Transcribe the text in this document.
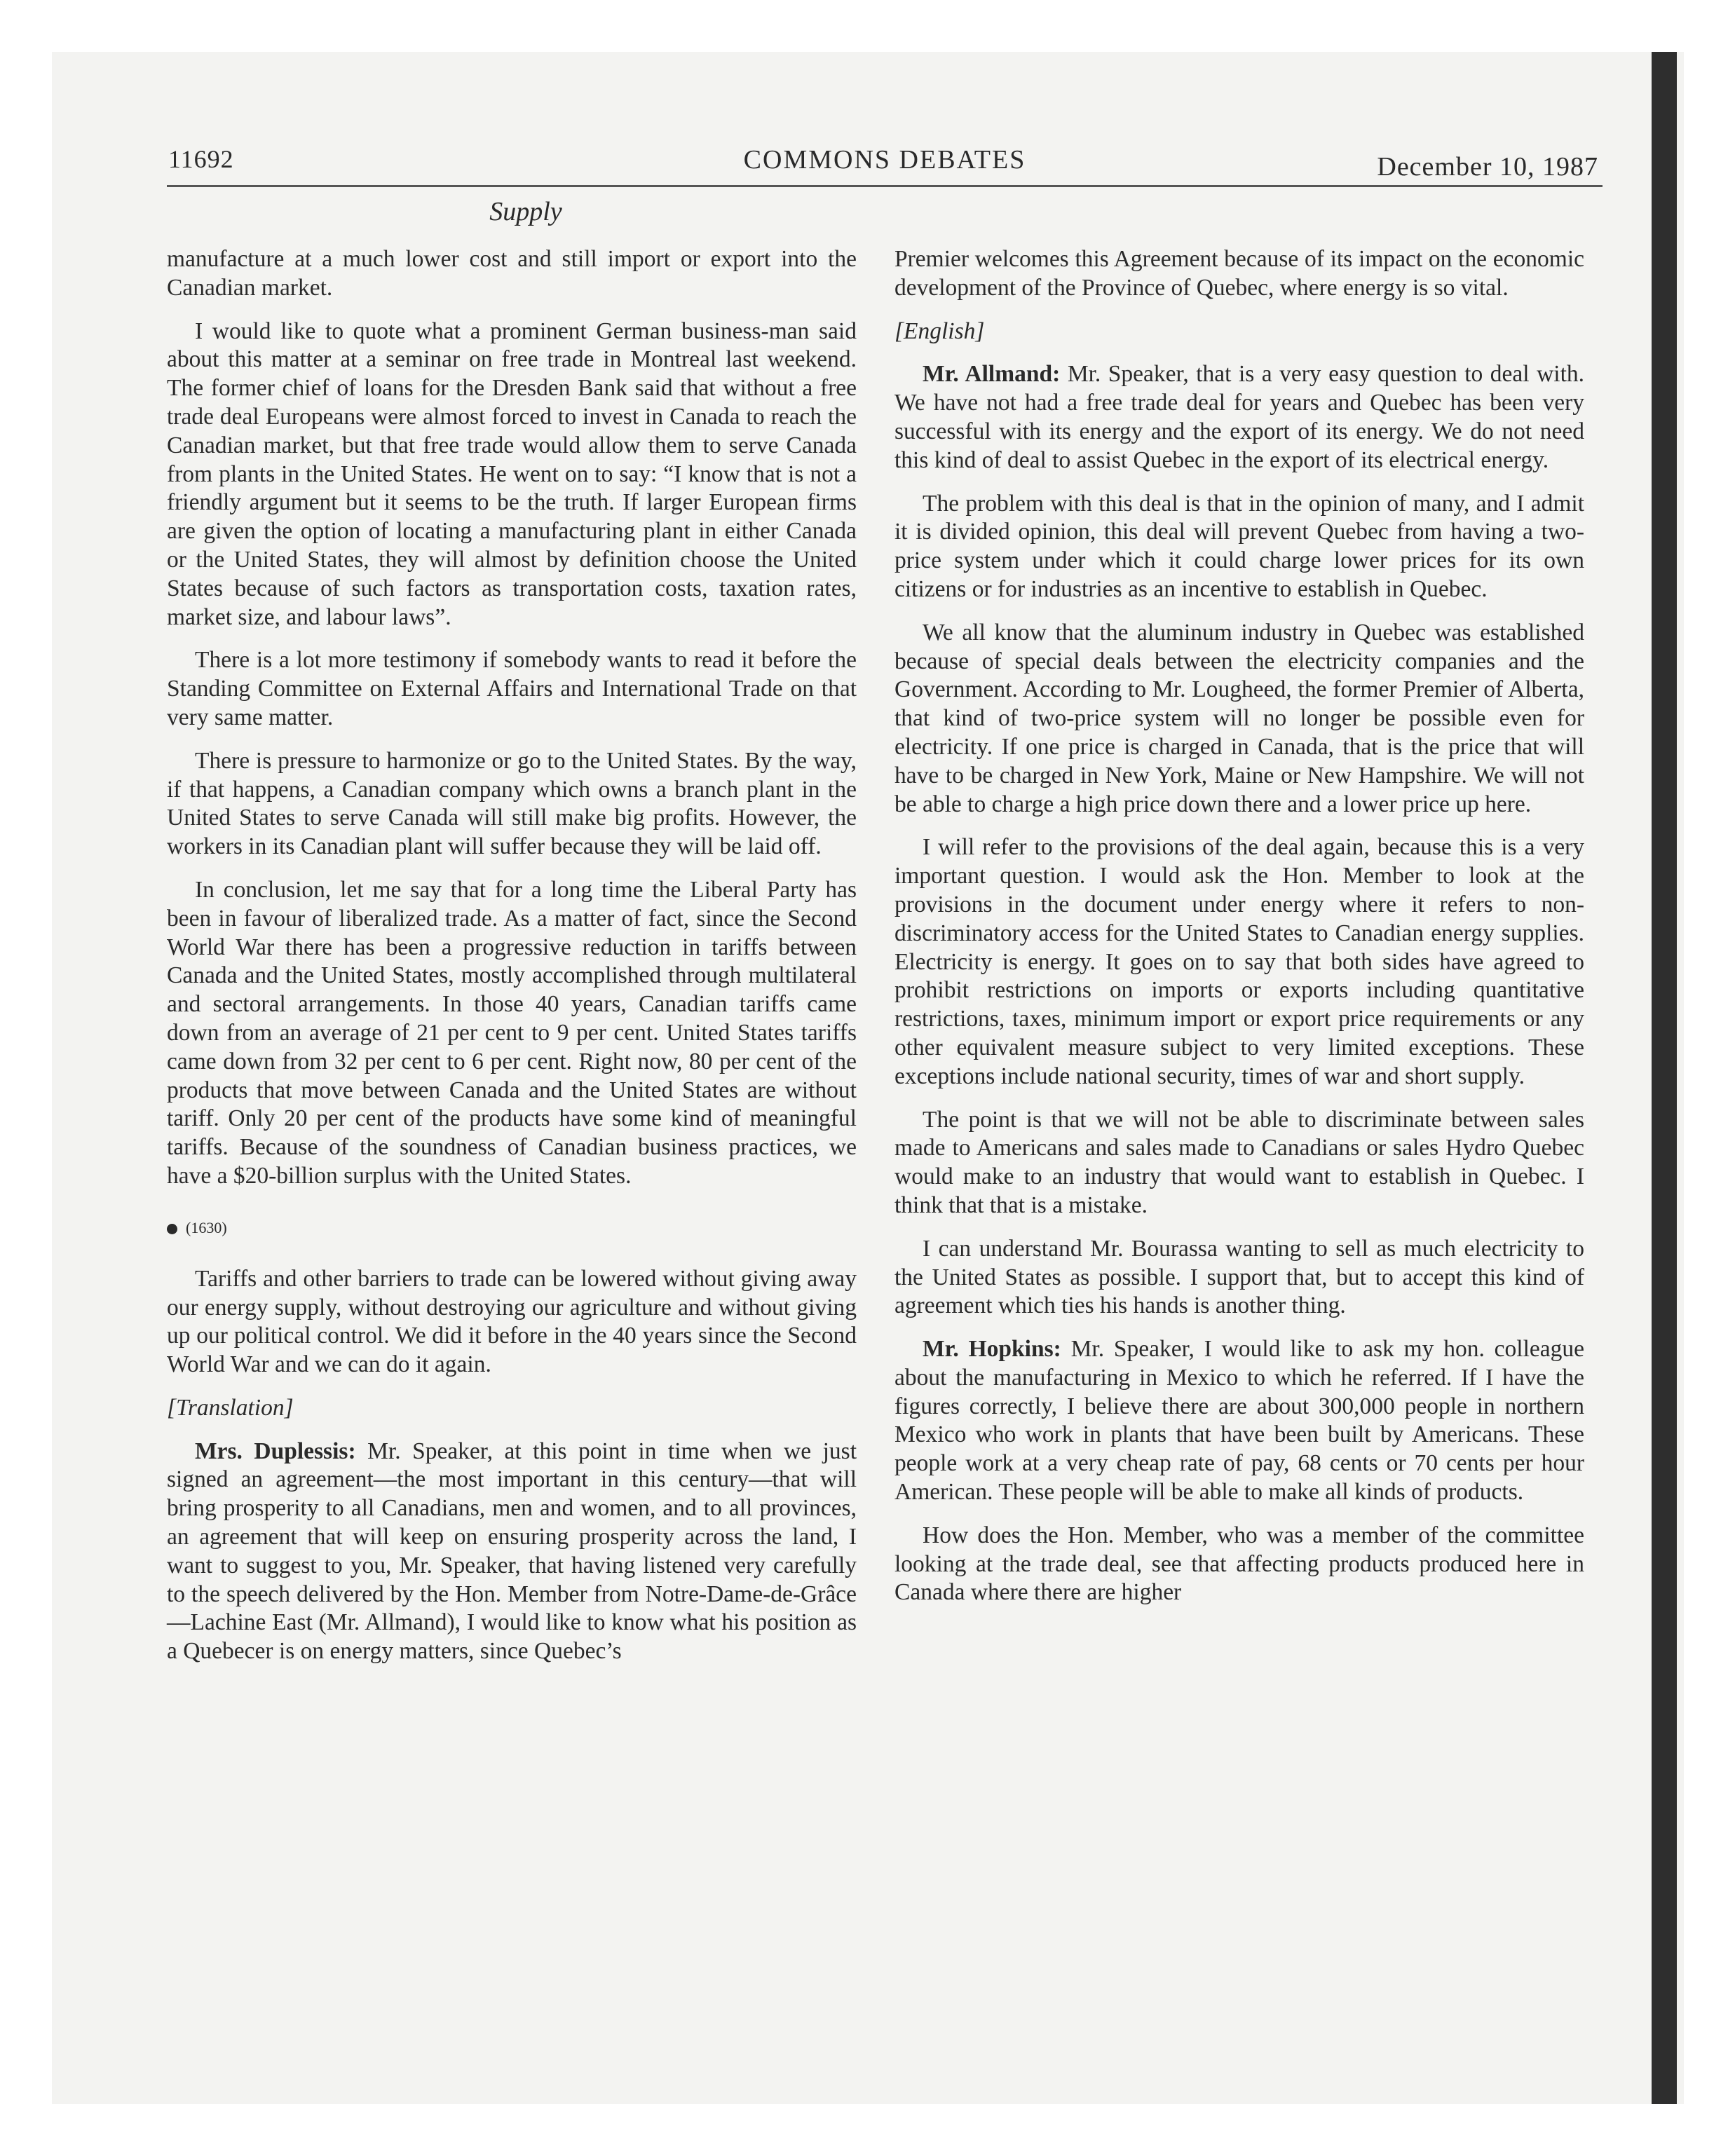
11692	COMMONS DEBATES	December 10, 1987
Supply

manufacture at a much lower cost and still import or export into the Canadian market.

I would like to quote what a prominent German business-man said about this matter at a seminar on free trade in Montreal last weekend. The former chief of loans for the Dresden Bank said that without a free trade deal Europeans were almost forced to invest in Canada to reach the Canadian market, but that free trade would allow them to serve Canada from plants in the United States. He went on to say: “I know that is not a friendly argument but it seems to be the truth. If larger European firms are given the option of locating a manufacturing plant in either Canada or the United States, they will almost by definition choose the United States because of such factors as transportation costs, taxation rates, market size, and labour laws”.

There is a lot more testimony if somebody wants to read it before the Standing Committee on External Affairs and International Trade on that very same matter.

There is pressure to harmonize or go to the United States. By the way, if that happens, a Canadian company which owns a branch plant in the United States to serve Canada will still make big profits. However, the workers in its Canadian plant will suffer because they will be laid off.

In conclusion, let me say that for a long time the Liberal Party has been in favour of liberalized trade. As a matter of fact, since the Second World War there has been a progressive reduction in tariffs between Canada and the United States, mostly accomplished through multilateral and sectoral arrangements. In those 40 years, Canadian tariffs came down from an average of 21 per cent to 9 per cent. United States tariffs came down from 32 per cent to 6 per cent. Right now, 80 per cent of the products that move between Canada and the United States are without tariff. Only 20 per cent of the products have some kind of meaningful tariffs. Because of the soundness of Canadian business practices, we have a $20-billion surplus with the United States.

(1630)

Tariffs and other barriers to trade can be lowered without giving away our energy supply, without destroying our agriculture and without giving up our political control. We did it before in the 40 years since the Second World War and we can do it again.

[Translation]

Mrs. Duplessis: Mr. Speaker, at this point in time when we just signed an agreement—the most important in this century—that will bring prosperity to all Canadians, men and women, and to all provinces, an agreement that will keep on ensuring prosperity across the land, I want to suggest to you, Mr. Speaker, that having listened very carefully to the speech delivered by the Hon. Member from Notre-Dame-de-Grâce—Lachine East (Mr. Allmand), I would like to know what his position as a Quebecer is on energy matters, since Quebec’s

Premier welcomes this Agreement because of its impact on the economic development of the Province of Quebec, where energy is so vital.

[English]

Mr. Allmand: Mr. Speaker, that is a very easy question to deal with. We have not had a free trade deal for years and Quebec has been very successful with its energy and the export of its energy. We do not need this kind of deal to assist Quebec in the export of its electrical energy.

The problem with this deal is that in the opinion of many, and I admit it is divided opinion, this deal will prevent Quebec from having a two-price system under which it could charge lower prices for its own citizens or for industries as an incentive to establish in Quebec.

We all know that the aluminum industry in Quebec was established because of special deals between the electricity companies and the Government. According to Mr. Lougheed, the former Premier of Alberta, that kind of two-price system will no longer be possible even for electricity. If one price is charged in Canada, that is the price that will have to be charged in New York, Maine or New Hampshire. We will not be able to charge a high price down there and a lower price up here.

I will refer to the provisions of the deal again, because this is a very important question. I would ask the Hon. Member to look at the provisions in the document under energy where it refers to non-discriminatory access for the United States to Canadian energy supplies. Electricity is energy. It goes on to say that both sides have agreed to prohibit restrictions on imports or exports including quantitative restrictions, taxes, minimum import or export price requirements or any other equivalent measure subject to very limited exceptions. These exceptions include national security, times of war and short supply.

The point is that we will not be able to discriminate between sales made to Americans and sales made to Canadians or sales Hydro Quebec would make to an industry that would want to establish in Quebec. I think that that is a mistake.

I can understand Mr. Bourassa wanting to sell as much electricity to the United States as possible. I support that, but to accept this kind of agreement which ties his hands is another thing.

Mr. Hopkins: Mr. Speaker, I would like to ask my hon. colleague about the manufacturing in Mexico to which he referred. If I have the figures correctly, I believe there are about 300,000 people in northern Mexico who work in plants that have been built by Americans. These people work at a very cheap rate of pay, 68 cents or 70 cents per hour American. These people will be able to make all kinds of products.

How does the Hon. Member, who was a member of the committee looking at the trade deal, see that affecting products produced here in Canada where there are higher
